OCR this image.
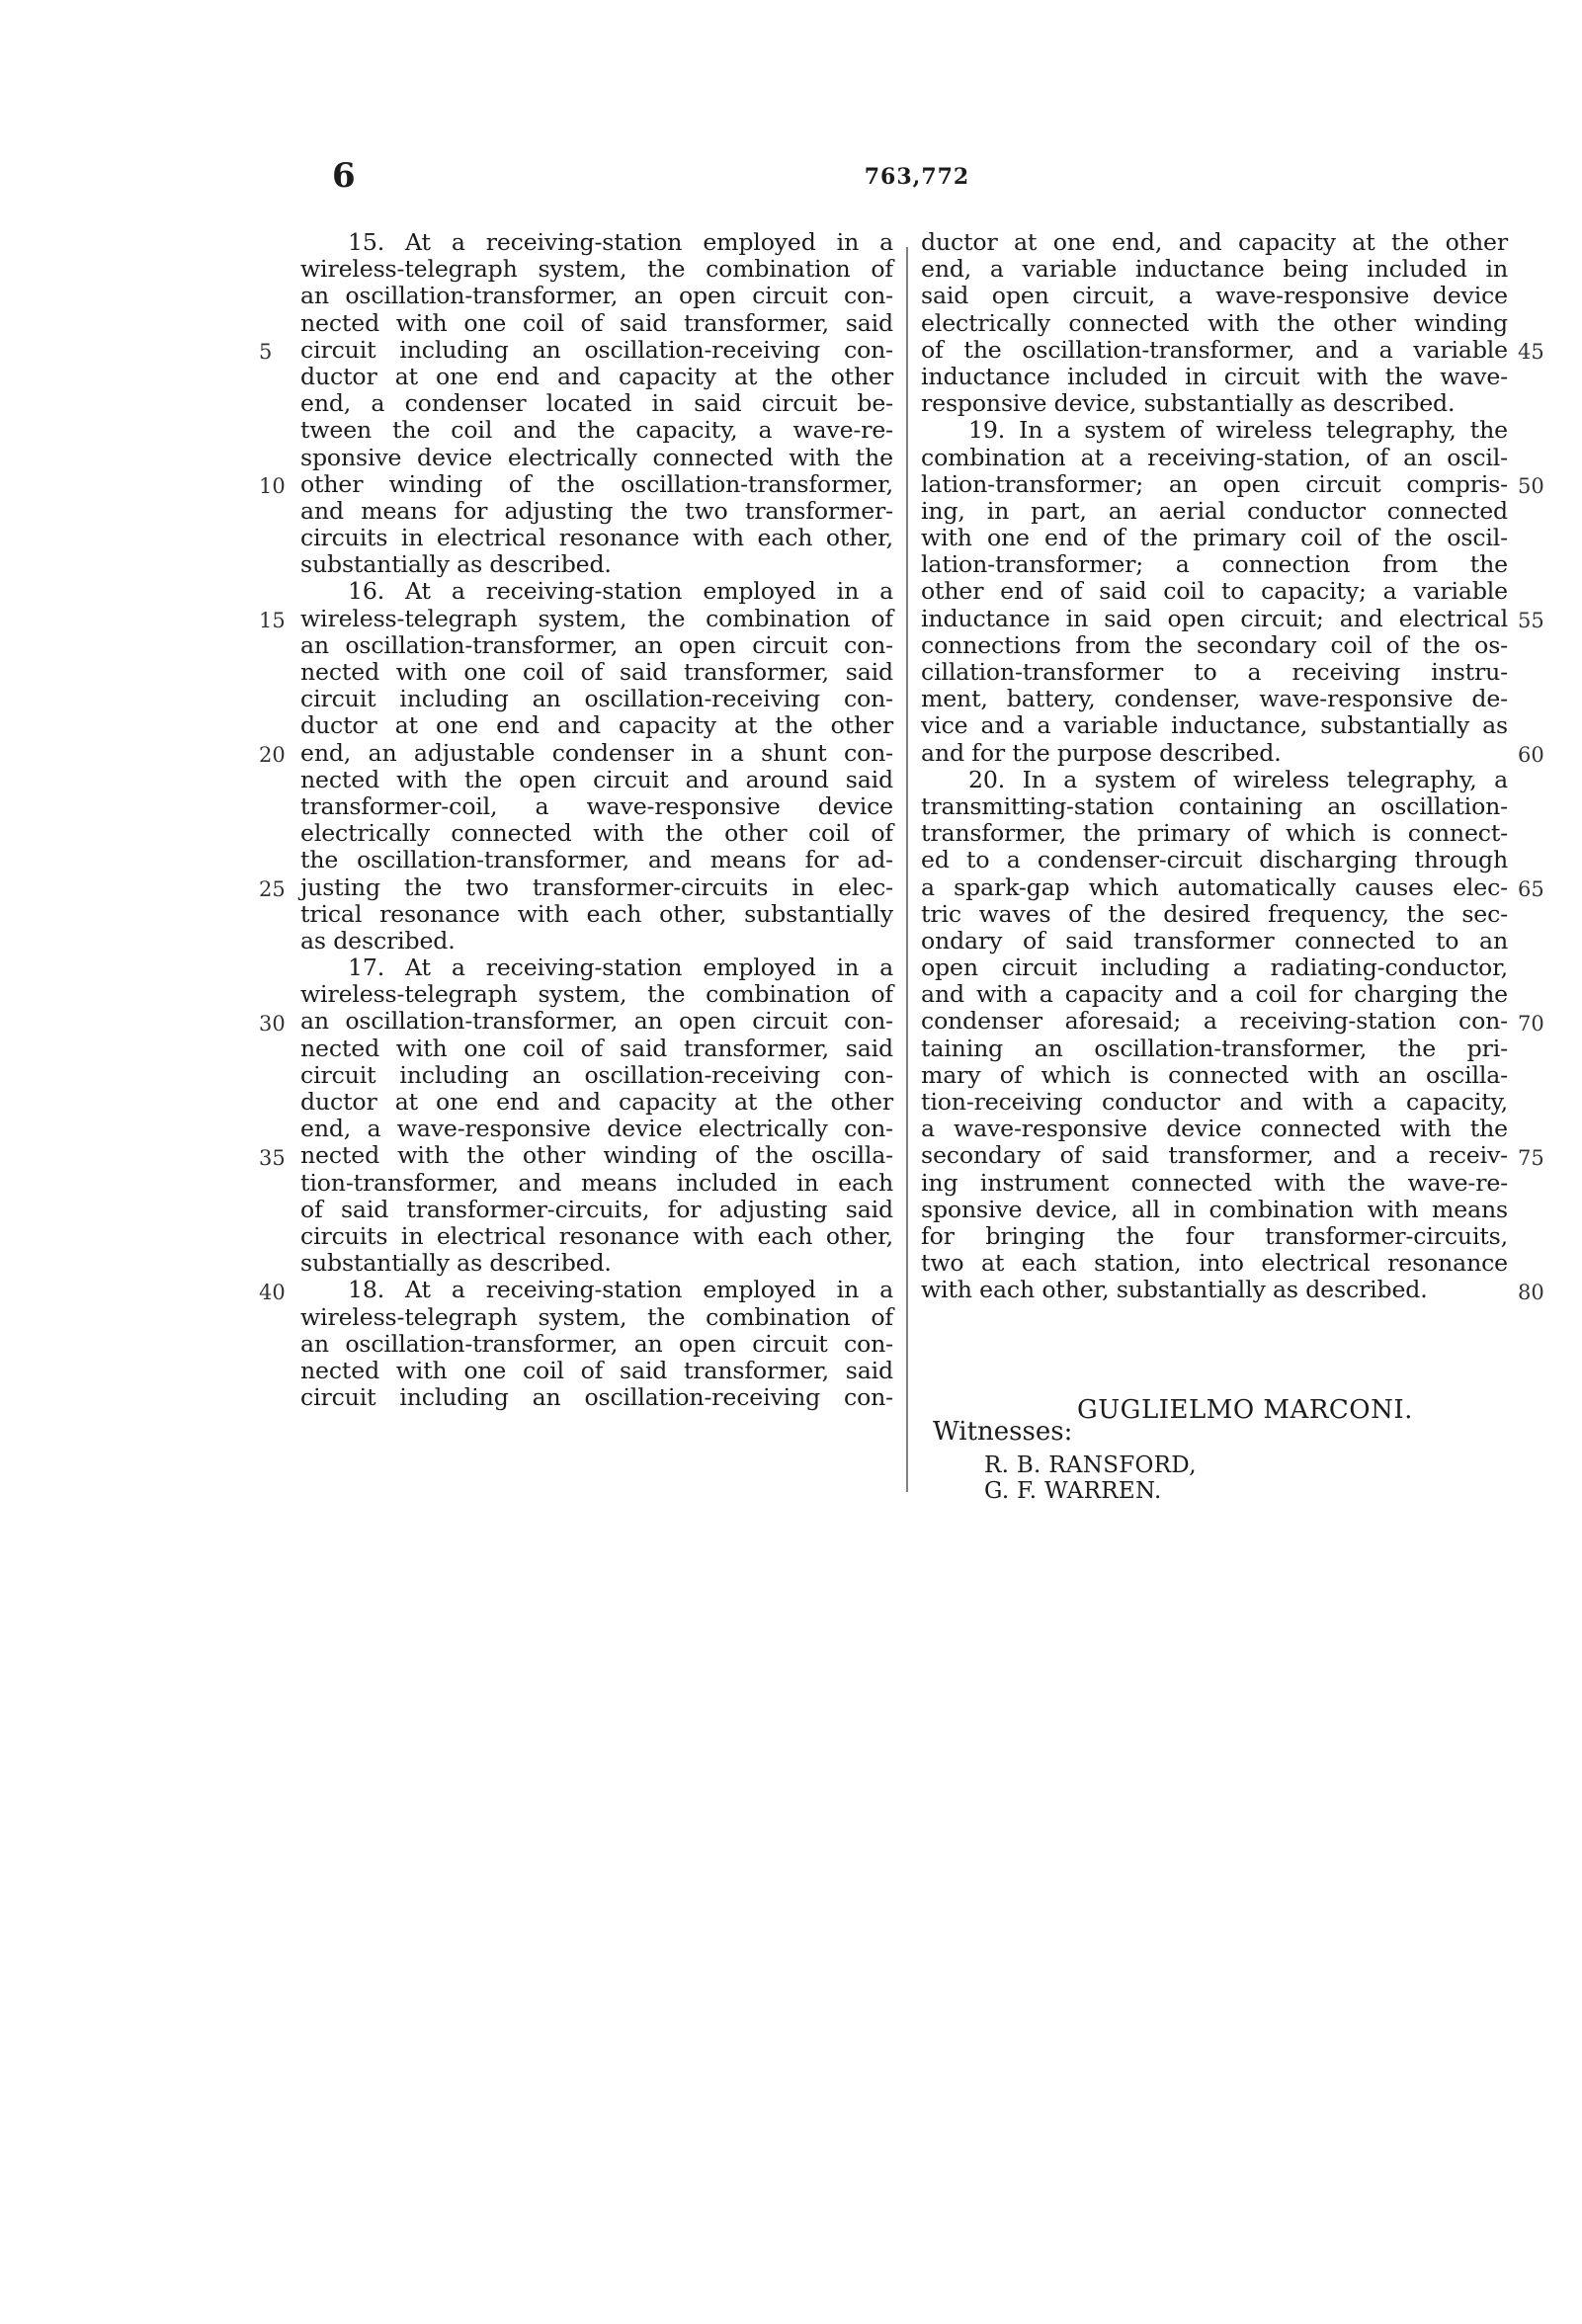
6	763,772
15. At a receiving-station employed in a
wireless-telegraph system, the combination of
an oscillation-transformer, an open circuit con-
nected with one coil of said transformer, said
circuit including an oscillation-receiving con-
ductor at one end and capacity at the other
end, a condenser located in said circuit be-
tween the coil and the capacity, a wave-re-
sponsive device electrically connected with the
other winding of the oscillation-transformer,
and means for adjusting the two transformer-
circuits in electrical resonance with each other,
substantially as described.
16. At a receiving-station employed in a
wireless-telegraph system, the combination of
an oscillation-transformer, an open circuit con-
nected with one coil of said transformer, said
circuit including an oscillation-receiving con-
ductor at one end and capacity at the other
end, an adjustable condenser in a shunt con-
nected with the open circuit and around said
transformer-coil, a wave-responsive device
electrically connected with the other coil of
the oscillation-transformer, and means for ad-
justing the two transformer-circuits in elec-
trical resonance with each other, substantially
as described.
17. At a receiving-station employed in a
wireless-telegraph system, the combination of
an oscillation-transformer, an open circuit con-
nected with one coil of said transformer, said
circuit including an oscillation-receiving con-
ductor at one end and capacity at the other
end, a wave-responsive device electrically con-
nected with the other winding of the oscilla-
tion-transformer, and means included in each
of said transformer-circuits, for adjusting said
circuits in electrical resonance with each other,
substantially as described.
18. At a receiving-station employed in a
wireless-telegraph system, the combination of
an oscillation-transformer, an open circuit con-
nected with one coil of said transformer, said
circuit including an oscillation-receiving con-
ductor at one end, and capacity at the other
end, a variable inductance being included in
said open circuit, a wave-responsive device
electrically connected with the other winding
of the oscillation-transformer, and a variable
inductance included in circuit with the wave-
responsive device, substantially as described.
19. In a system of wireless telegraphy, the
combination at a receiving-station, of an oscil-
lation-transformer; an open circuit compris-
ing, in part, an aerial conductor connected
with one end of the primary coil of the oscil-
lation-transformer; a connection from the
other end of said coil to capacity; a variable
inductance in said open circuit; and electrical
connections from the secondary coil of the os-
cillation-transformer to a receiving instru-
ment, battery, condenser, wave-responsive de-
vice and a variable inductance, substantially as
and for the purpose described.
20. In a system of wireless telegraphy, a
transmitting-station containing an oscillation-
transformer, the primary of which is connect-
ed to a condenser-circuit discharging through
a spark-gap which automatically causes elec-
tric waves of the desired frequency, the sec-
ondary of said transformer connected to an
open circuit including a radiating-conductor,
and with a capacity and a coil for charging the
condenser aforesaid; a receiving-station con-
taining an oscillation-transformer, the pri-
mary of which is connected with an oscilla-
tion-receiving conductor and with a capacity,
a wave-responsive device connected with the
secondary of said transformer, and a receiv-
ing instrument connected with the wave-re-
sponsive device, all in combination with means
for bringing the four transformer-circuits,
two at each station, into electrical resonance
with each other, substantially as described.
5
10
15
20
25
30
35
40
45
50
55
60
65
70
75
80
GUGLIELMO MARCONI.
Witnesses:
R. B. RANSFORD,
G. F. WARREN.
